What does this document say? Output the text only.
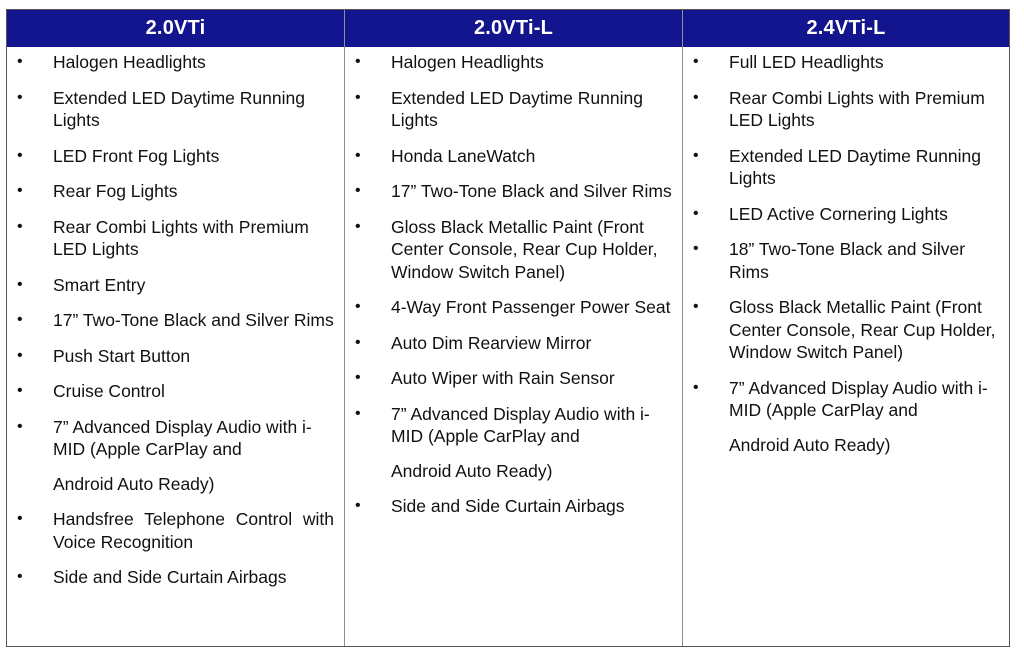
2.0VTi	2.0VTi-L	2.4VTi-L
• Halogen Headlights
• Extended LED Daytime Running Lights
• LED Front Fog Lights
• Rear Fog Lights
• Rear Combi Lights with Premium LED Lights
• Smart Entry
• 17” Two-Tone Black and Silver Rims
• Push Start Button
• Cruise Control
• 7” Advanced Display Audio with i-MID (Apple CarPlay and
Android Auto Ready)
• Handsfree Telephone Control with Voice Recognition
• Side and Side Curtain Airbags
• Halogen Headlights
• Extended LED Daytime Running Lights
• Honda LaneWatch
• 17” Two-Tone Black and Silver Rims
• Gloss Black Metallic Paint (Front Center Console, Rear Cup Holder, Window Switch Panel)
• 4-Way Front Passenger Power Seat
• Auto Dim Rearview Mirror
• Auto Wiper with Rain Sensor
• 7” Advanced Display Audio with i-MID (Apple CarPlay and
Android Auto Ready)
• Side and Side Curtain Airbags
• Full LED Headlights
• Rear Combi Lights with Premium LED Lights
• Extended LED Daytime Running Lights
• LED Active Cornering Lights
• 18” Two-Tone Black and Silver Rims
• Gloss Black Metallic Paint (Front Center Console, Rear Cup Holder, Window Switch Panel)
• 7” Advanced Display Audio with i-MID (Apple CarPlay and
Android Auto Ready)
